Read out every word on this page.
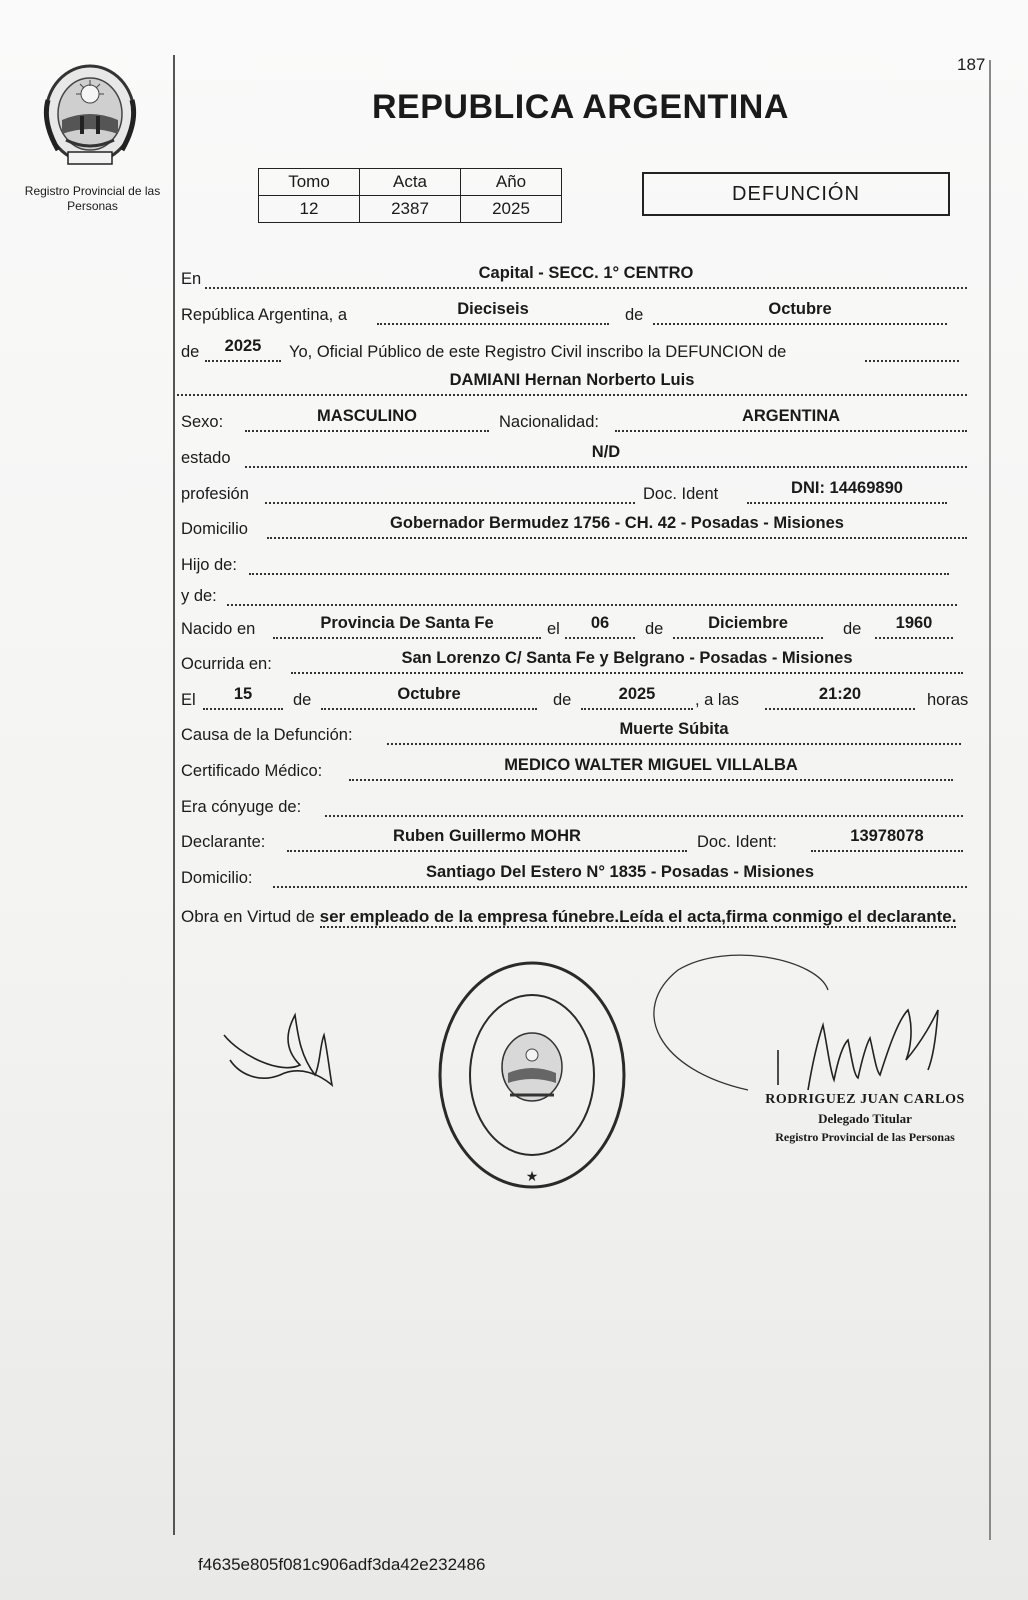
187
Registro Provincial de las Personas
REPUBLICA ARGENTINA
Tomo	Acta	Año
12	2387	2025
DEFUNCIÓN
En	Capital - SECC. 1° CENTRO
República Argentina, a	Dieciseis	de	Octubre
de	2025	Yo, Oficial Público de este Registro Civil inscribo la DEFUNCION de
DAMIANI Hernan Norberto Luis
Sexo:	MASCULINO	Nacionalidad:	ARGENTINA
estado	N/D
profesión	Doc. Ident	DNI: 14469890
Domicilio	Gobernador Bermudez 1756 - CH. 42 - Posadas - Misiones
Hijo de:
y de:
Nacido en	Provincia De Santa Fe	el	06	de	Diciembre	de	1960
Ocurrida en:	San Lorenzo C/ Santa Fe y Belgrano - Posadas - Misiones
El	15	de	Octubre	de	2025	, a las	21:20	horas
Causa de la Defunción:	Muerte Súbita
Certificado Médico:	MEDICO WALTER MIGUEL VILLALBA
Era cónyuge de:
Declarante:	Ruben Guillermo MOHR	Doc. Ident:	13978078
Domicilio:	Santiago Del Estero N° 1835 - Posadas - Misiones
Obra en Virtud de ser empleado de la empresa fúnebre.Leída el acta,firma conmigo el declarante.
★
RODRIGUEZ JUAN CARLOS
Delegado Titular
Registro Provincial de las Personas
f4635e805f081c906adf3da42e232486
